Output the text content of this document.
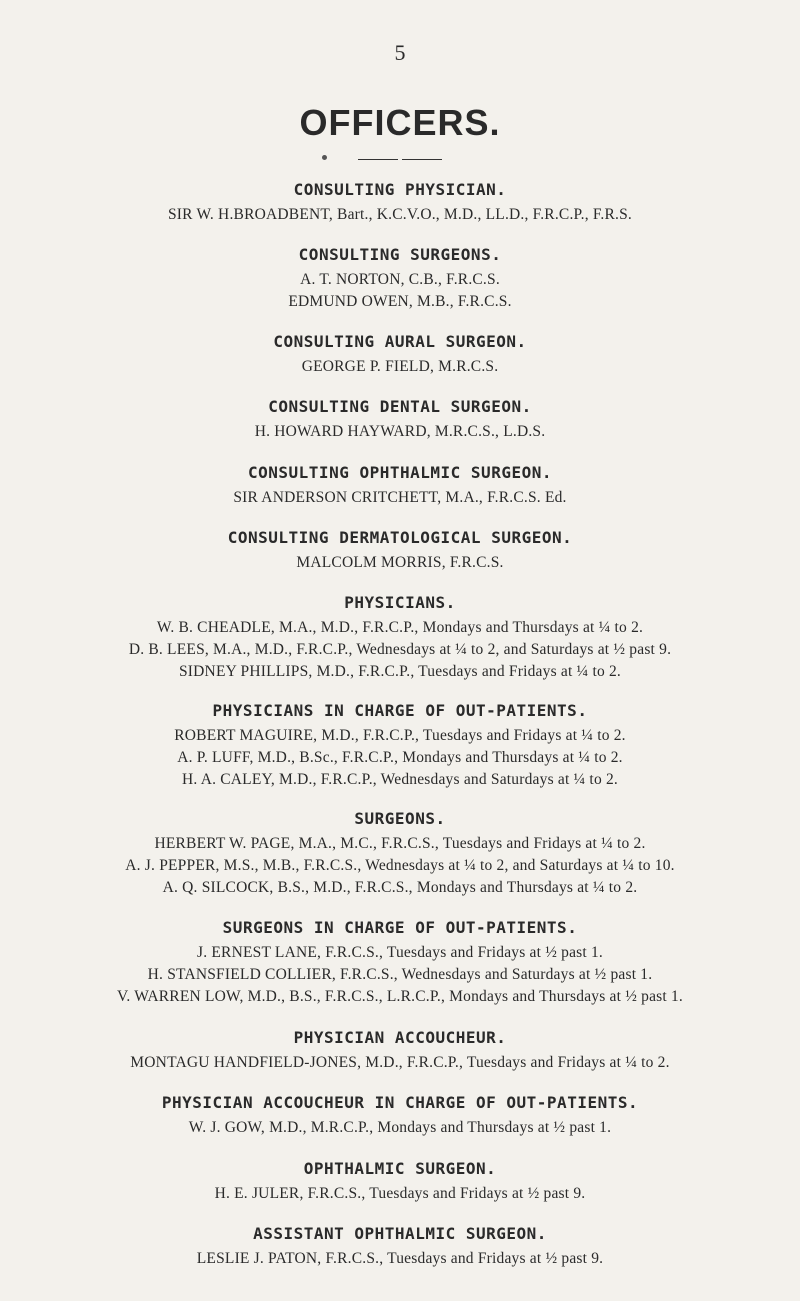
5
OFFICERS.
CONSULTING PHYSICIAN.
SIR W. H.BROADBENT, Bart., K.C.V.O., M.D., LL.D., F.R.C.P., F.R.S.
CONSULTING SURGEONS.
A. T. NORTON, C.B., F.R.C.S.
EDMUND OWEN, M.B., F.R.C.S.
CONSULTING AURAL SURGEON.
GEORGE P. FIELD, M.R.C.S.
CONSULTING DENTAL SURGEON.
H. HOWARD HAYWARD, M.R.C.S., L.D.S.
CONSULTING OPHTHALMIC SURGEON.
SIR ANDERSON CRITCHETT, M.A., F.R.C.S. Ed.
CONSULTING DERMATOLOGICAL SURGEON.
MALCOLM MORRIS, F.R.C.S.
PHYSICIANS.
W. B. CHEADLE, M.A., M.D., F.R.C.P., Mondays and Thursdays at ¼ to 2.
D. B. LEES, M.A., M.D., F.R.C.P., Wednesdays at ¼ to 2, and Saturdays at ½ past 9.
SIDNEY PHILLIPS, M.D., F.R.C.P., Tuesdays and Fridays at ¼ to 2.
PHYSICIANS IN CHARGE OF OUT-PATIENTS.
ROBERT MAGUIRE, M.D., F.R.C.P., Tuesdays and Fridays at ¼ to 2.
A. P. LUFF, M.D., B.Sc., F.R.C.P., Mondays and Thursdays at ¼ to 2.
H. A. CALEY, M.D., F.R.C.P., Wednesdays and Saturdays at ¼ to 2.
SURGEONS.
HERBERT W. PAGE, M.A., M.C., F.R.C.S., Tuesdays and Fridays at ¼ to 2.
A. J. PEPPER, M.S., M.B., F.R.C.S., Wednesdays at ¼ to 2, and Saturdays at ¼ to 10.
A. Q. SILCOCK, B.S., M.D., F.R.C.S., Mondays and Thursdays at ¼ to 2.
SURGEONS IN CHARGE OF OUT-PATIENTS.
J. ERNEST LANE, F.R.C.S., Tuesdays and Fridays at ½ past 1.
H. STANSFIELD COLLIER, F.R.C.S., Wednesdays and Saturdays at ½ past 1.
V. WARREN LOW, M.D., B.S., F.R.C.S., L.R.C.P., Mondays and Thursdays at ½ past 1.
PHYSICIAN ACCOUCHEUR.
MONTAGU HANDFIELD-JONES, M.D., F.R.C.P., Tuesdays and Fridays at ¼ to 2.
PHYSICIAN ACCOUCHEUR IN CHARGE OF OUT-PATIENTS.
W. J. GOW, M.D., M.R.C.P., Mondays and Thursdays at ½ past 1.
OPHTHALMIC SURGEON.
H. E. JULER, F.R.C.S., Tuesdays and Fridays at ½ past 9.
ASSISTANT OPHTHALMIC SURGEON.
LESLIE J. PATON, F.R.C.S., Tuesdays and Fridays at ½ past 9.
